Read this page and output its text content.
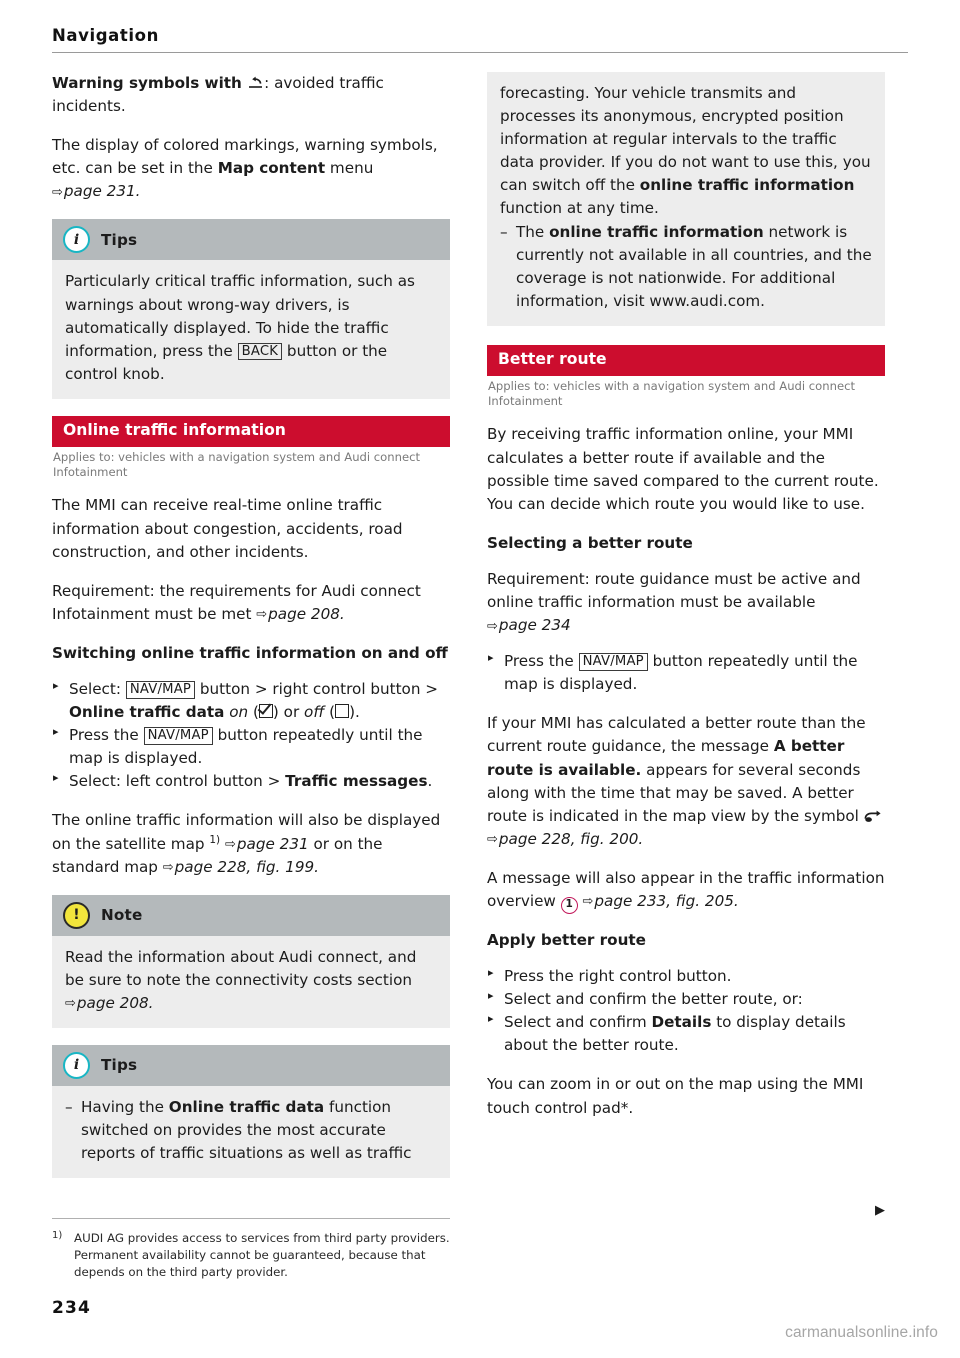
Navigation

Warning symbols with : avoided traffic incidents.

The display of colored markings, warning symbols, etc. can be set in the Map content menu ⇨ page 231.

i	Tips

Particularly critical traffic information, such as warnings about wrong-way drivers, is automatically displayed. To hide the traffic information, press the BACK button or the control knob.

Online traffic information
Applies to: vehicles with a navigation system and Audi connect Infotainment

The MMI can receive real-time online traffic information about congestion, accidents, road construction, and other incidents.

Requirement: the requirements for Audi connect Infotainment must be met ⇨ page 208.

Switching online traffic information on and off
▸ Select: NAV/MAP button > right control button > Online traffic data on ( ) or off ( ).
▸ Press the NAV/MAP button repeatedly until the map is displayed.
▸ Select: left control button > Traffic messages.

The online traffic information will also be displayed on the satellite map $^{1)}$ ⇨ page 231 or on the standard map ⇨ page 228, fig. 199.

!	Note

Read the information about Audi connect, and be sure to note the connectivity costs section ⇨ page 208.

i	Tips
– Having the Online traffic data function switched on provides the most accurate reports of traffic situations as well as traffic

forecasting. Your vehicle transmits and processes its anonymous, encrypted position information at regular intervals to the traffic data provider. If you do not want to use this, you can switch off the online traffic information function at any time.

– The online traffic information network is currently not available in all countries, and the coverage is not nationwide. For additional information, visit www.audi.com.
Better route
Applies to: vehicles with a navigation system and Audi connect Infotainment

By receiving traffic information online, your MMI calculates a better route if available and the possible time saved compared to the current route. You can decide which route you would like to use.

Selecting a better route

Requirement: route guidance must be active and online traffic information must be available ⇨ page 234

▸ Press the NAV/MAP button repeatedly until the map is displayed.

If your MMI has calculated a better route than the current route guidance, the message A better route is available. appears for several seconds along with the time that may be saved. A better route is indicated in the map view by the symbol  ⇨ page 228, fig. 200.

A message will also appear in the traffic information overview 1 ⇨ page 233, fig. 205.

Apply better route
▸ Press the right control button.
▸ Select and confirm the better route, or:
▸ Select and confirm Details to display details about the better route.

You can zoom in or out on the map using the MMI touch control pad*.

▶
1) AUDI AG provides access to services from third party providers. Permanent availability cannot be guaranteed, because that depends on the third party provider.
234
carmanualsonline.info
